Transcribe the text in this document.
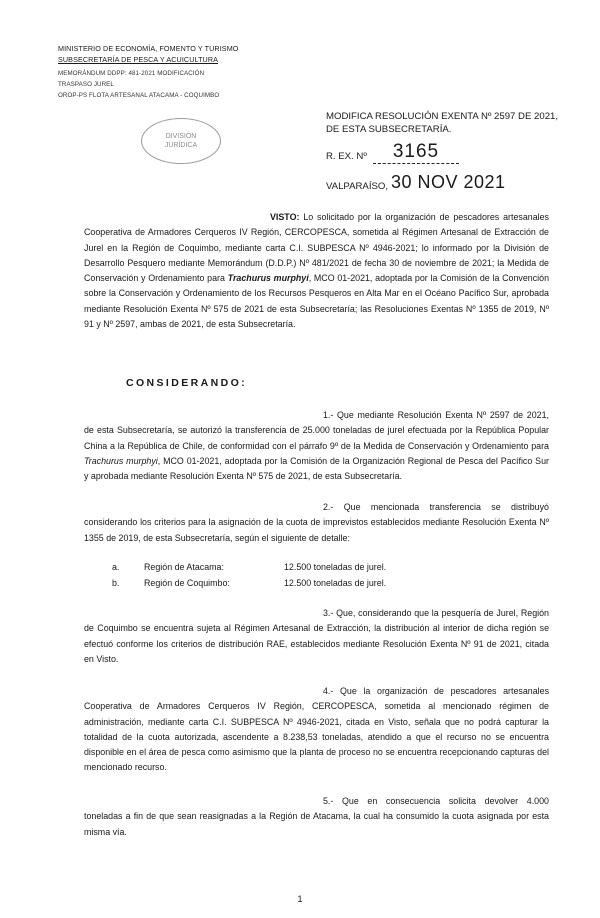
MINISTERIO DE ECONOMÍA, FOMENTO Y TURISMO
SUBSECRETARÍA DE PESCA Y ACUICULTURA
MEMORÁNDUM DDPP: 481-2021 MODIFICACIÓN
TRASPASO JUREL
OROP-PS FLOTA ARTESANAL ATACAMA - COQUIMBO
DIVISIÓN
JURÍDICA
MODIFICA RESOLUCIÓN EXENTA Nº 2597 DE 2021,
DE ESTA SUBSECRETARÍA.
R. EX. Nº	3165
VALPARAÍSO, 30 NOV 2021
VISTO: Lo solicitado por la organización de pescadores artesanales Cooperativa de Armadores Cerqueros IV Región, CERCOPESCA, sometida al Régimen Artesanal de Extracción de Jurel en la Región de Coquimbo, mediante carta C.I. SUBPESCA Nº 4946-2021; lo informado por la División de Desarrollo Pesquero mediante Memorándum (D.D.P.) Nº 481/2021 de fecha 30 de noviembre de 2021; la Medida de Conservación y Ordenamiento para Trachurus murphyi, MCO 01-2021, adoptada por la Comisión de la Convención sobre la Conservación y Ordenamiento de los Recursos Pesqueros en Alta Mar en el Océano Pacífico Sur, aprobada mediante Resolución Exenta Nº 575 de 2021 de esta Subsecretaría; las Resoluciones Exentas Nº 1355 de 2019, Nº 91 y Nº 2597, ambas de 2021, de esta Subsecretaría.
CONSIDERANDO:
1.- Que mediante Resolución Exenta Nº 2597 de 2021, de esta Subsecretaría, se autorizó la transferencia de 25.000 toneladas de jurel efectuada por la República Popular China a la República de Chile, de conformidad con el párrafo 9º de la Medida de Conservación y Ordenamiento para Trachurus murphyi, MCO 01-2021, adoptada por la Comisión de la Organización Regional de Pesca del Pacífico Sur y aprobada mediante Resolución Exenta Nº 575 de 2021, de esta Subsecretaría.
2.- Que mencionada transferencia se distribuyó considerando los criterios para la asignación de la cuota de imprevistos establecidos mediante Resolución Exenta Nº 1355 de 2019, de esta Subsecretaría, según el siguiente de detalle:
a.	Región de Atacama:	12.500 toneladas de jurel.
b.	Región de Coquimbo:	12.500 toneladas de jurel.
3.- Que, considerando que la pesquería de Jurel, Región de Coquimbo se encuentra sujeta al Régimen Artesanal de Extracción, la distribución al interior de dicha región se efectuó conforme los criterios de distribución RAE, establecidos mediante Resolución Exenta Nº 91 de 2021, citada en Visto.
4.- Que la organización de pescadores artesanales Cooperativa de Armadores Cerqueros IV Región, CERCOPESCA, sometida al mencionado régimen de administración, mediante carta C.I. SUBPESCA Nº 4946-2021, citada en Visto, señala que no podrá capturar la totalidad de la cuota autorizada, ascendente a 8.238,53 toneladas, atendido a que el recurso no se encuentra disponible en el área de pesca como asimismo que la planta de proceso no se encuentra recepcionando capturas del mencionado recurso.
5.- Que en consecuencia solicita devolver 4.000 toneladas a fin de que sean reasignadas a la Región de Atacama, la cual ha consumido la cuota asignada por esta misma vía.
1
